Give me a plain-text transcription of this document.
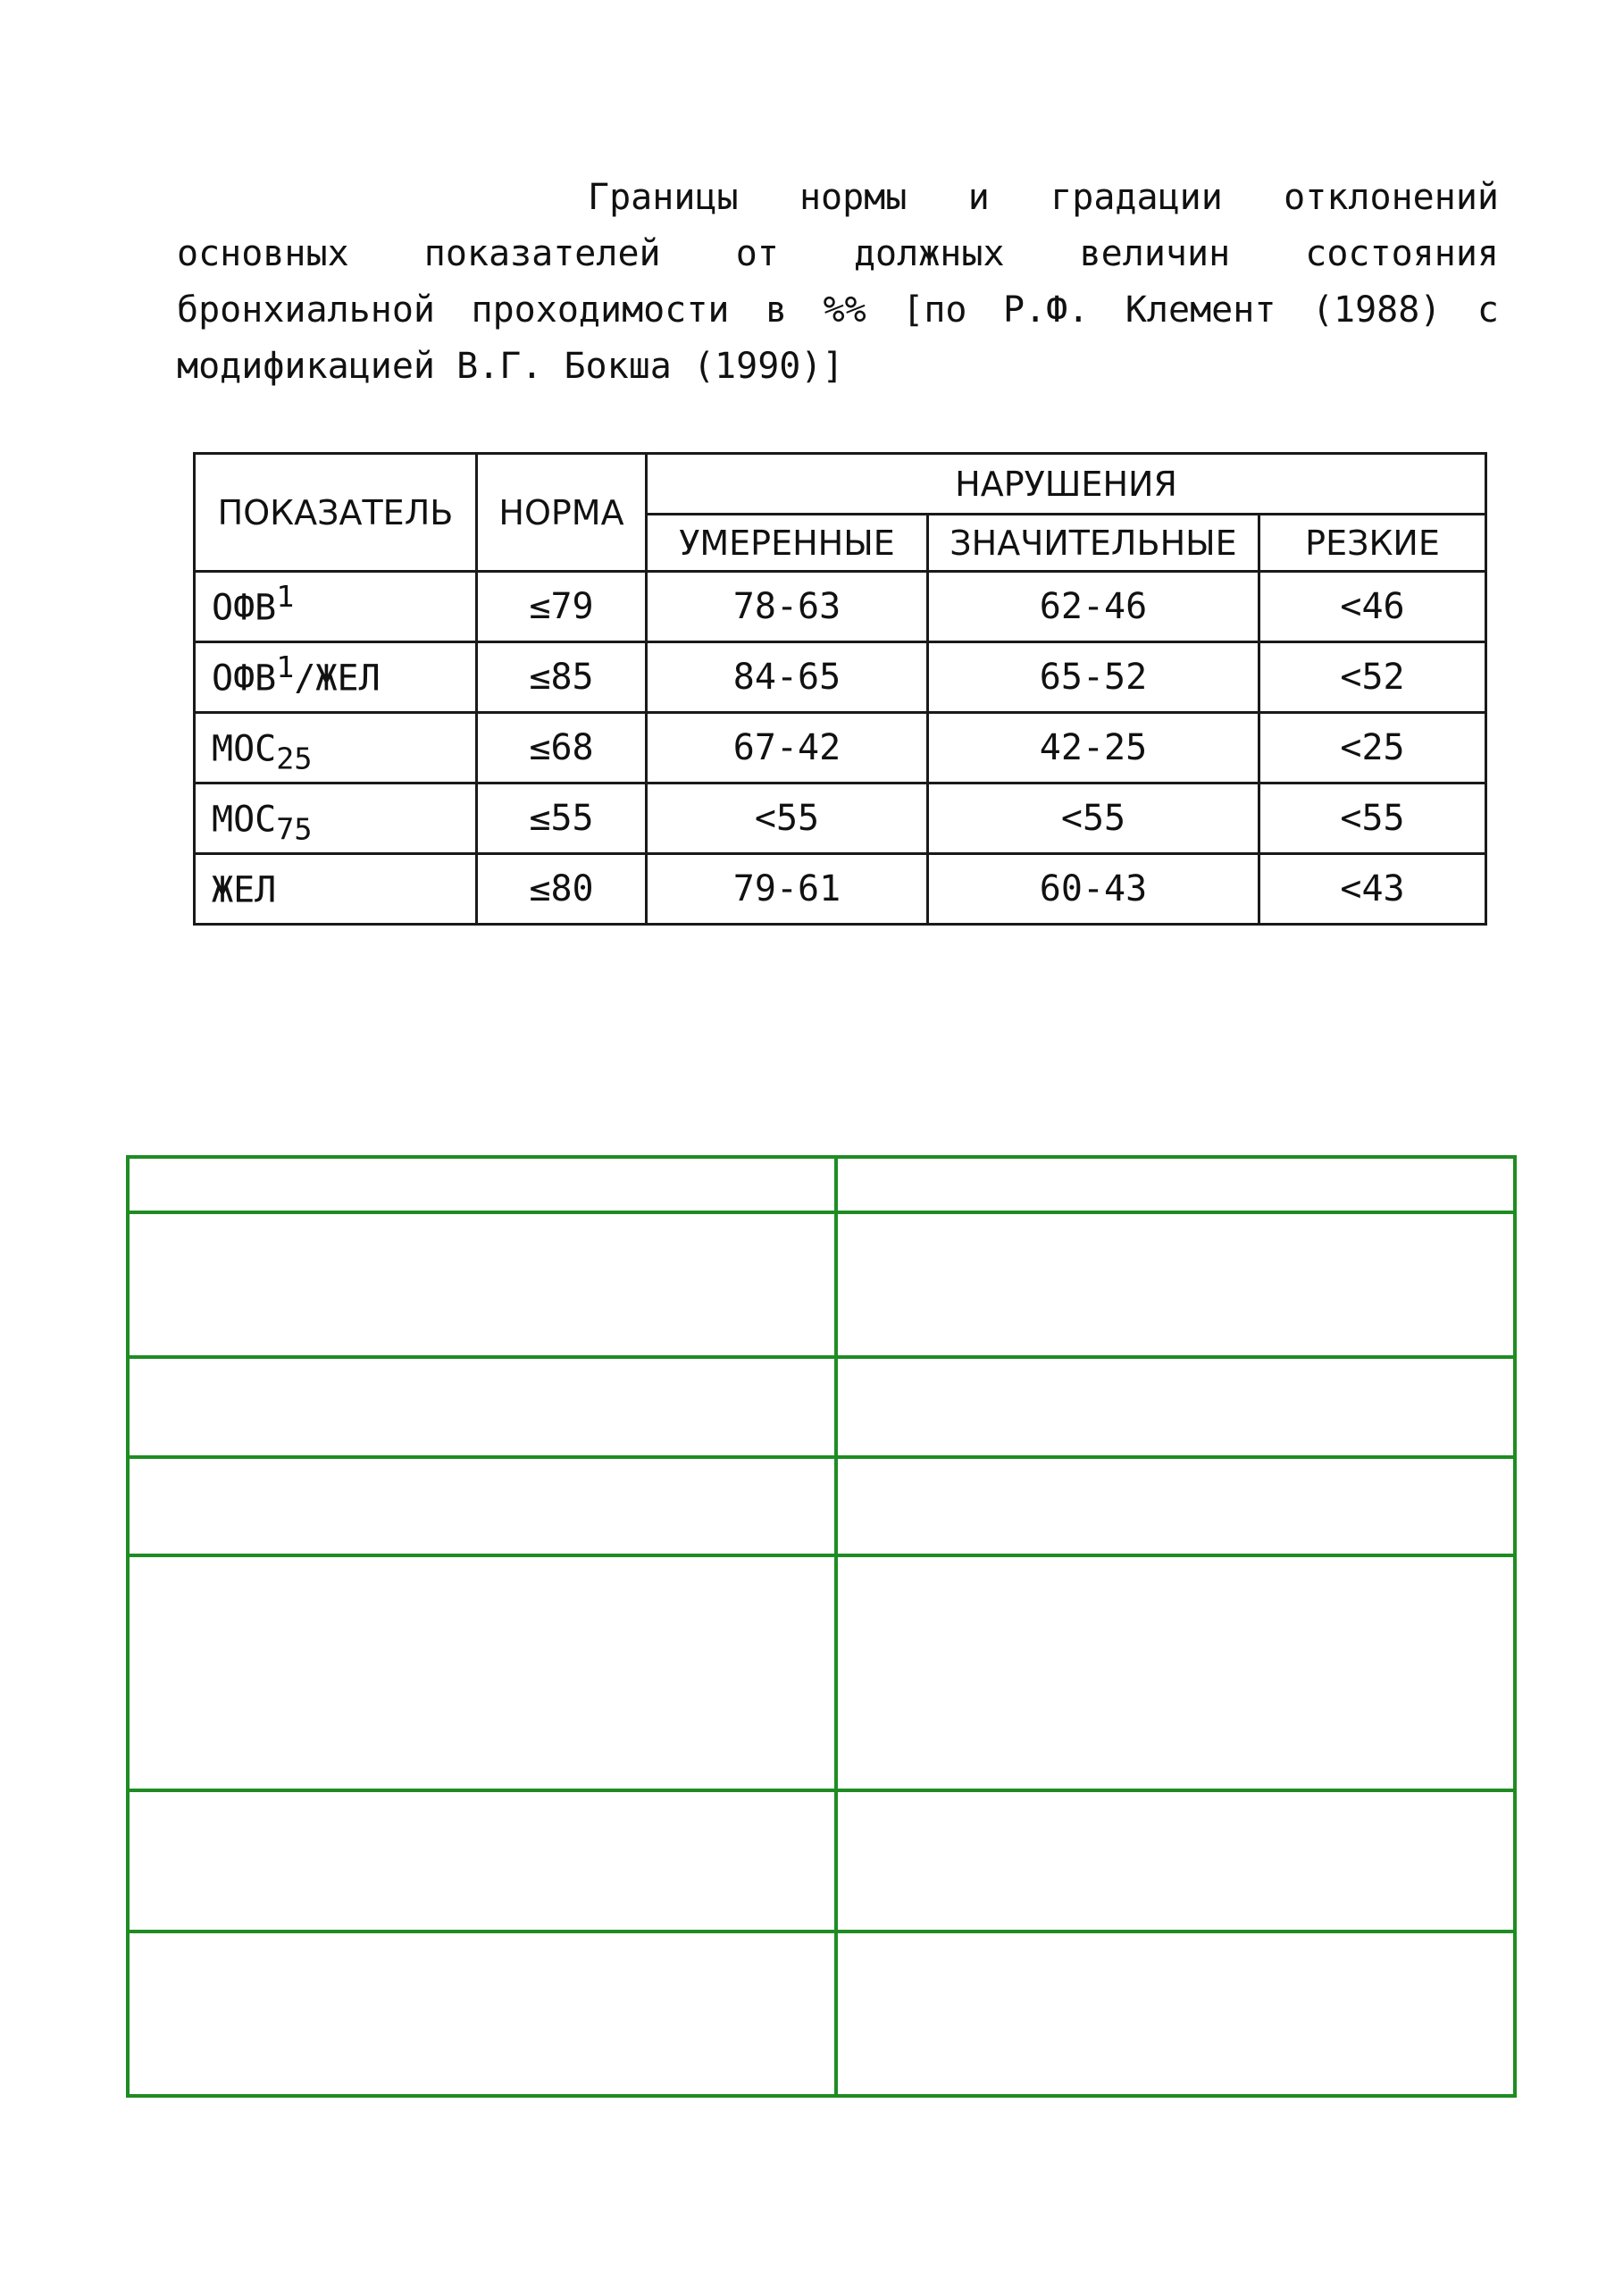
Границы нормы и градации отклонений основных показателей от должных величин состояния бронхиальной проходимости в %% [по Р.Ф. Клемент (1988) с модификацией В.Г. Бокша (1990)]

ПОКАЗАТЕЛЬ	НОРМА	НАРУШЕНИЯ		
		УМЕРЕННЫЕ	ЗНАЧИТЕЛЬНЫЕ	РЕЗКИЕ
$ОФВ^1$	≤79	78-63	62-46	<46
$ОФВ^1$/ЖЕЛ	≤85	84-65	65-52	<52
$МОС_{25}$	≤68	67-42	42-25	<25
$МОС_{75}$	≤55	<55	<55	<55
ЖЕЛ	≤80	79-61	60-43	<43
